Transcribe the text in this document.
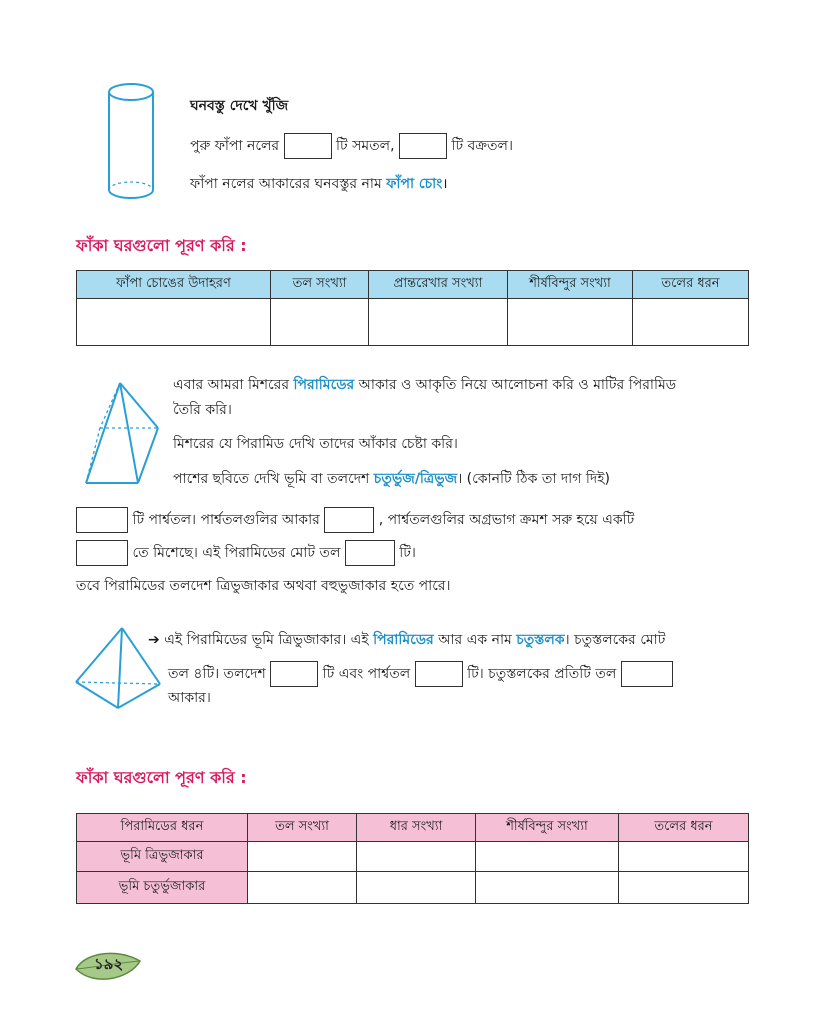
ঘনবস্তু দেখে খুঁজি
পুরু ফাঁপা নলের	টি সমতল,	টি বক্রতল।
ফাঁপা নলের আকারের ঘনবস্তুর নাম ফাঁপা চোং।
ফাঁকা ঘরগুলো পূরণ করি :
ফাঁপা চোঙের উদাহরণ	তল সংখ্যা	প্রান্তরেখার সংখ্যা	শীর্ষবিন্দুর সংখ্যা	তলের ধরন

এবার আমরা মিশরের পিরামিডের আকার ও আকৃতি নিয়ে আলোচনা করি ও মাটির পিরামিড
তৈরি করি।
মিশরের যে পিরামিড দেখি তাদের আঁকার চেষ্টা করি।
পাশের ছবিতে দেখি ভূমি বা তলদেশ চতুর্ভুজ/ত্রিভুজ। (কোনটি ঠিক তা দাগ দিই)
টি পার্শ্বতল। পার্শ্বতলগুলির আকার	, পার্শ্বতলগুলির অগ্রভাগ ক্রমশ সরু হয়ে একটি
তে মিশেছে। এই পিরামিডের মোট তল	টি।
তবে পিরামিডের তলদেশ ত্রিভুজাকার অথবা বহুভুজাকার হতে পারে।
➔ এই পিরামিডের ভূমি ত্রিভুজাকার। এই পিরামিডের আর এক নাম চতুস্তলক। চতুস্তলকের মোট
তল ৪টি। তলদেশ	টি এবং পার্শ্বতল	টি। চতুস্তলকের প্রতিটি তল
আকার।
ফাঁকা ঘরগুলো পূরণ করি :
পিরামিডের ধরন	তল সংখ্যা	ধার সংখ্যা	শীর্ষবিন্দুর সংখ্যা	তলের ধরন
ভূমি ত্রিভুজাকার				
ভূমি চতুর্ভুজাকার				
১৯২
